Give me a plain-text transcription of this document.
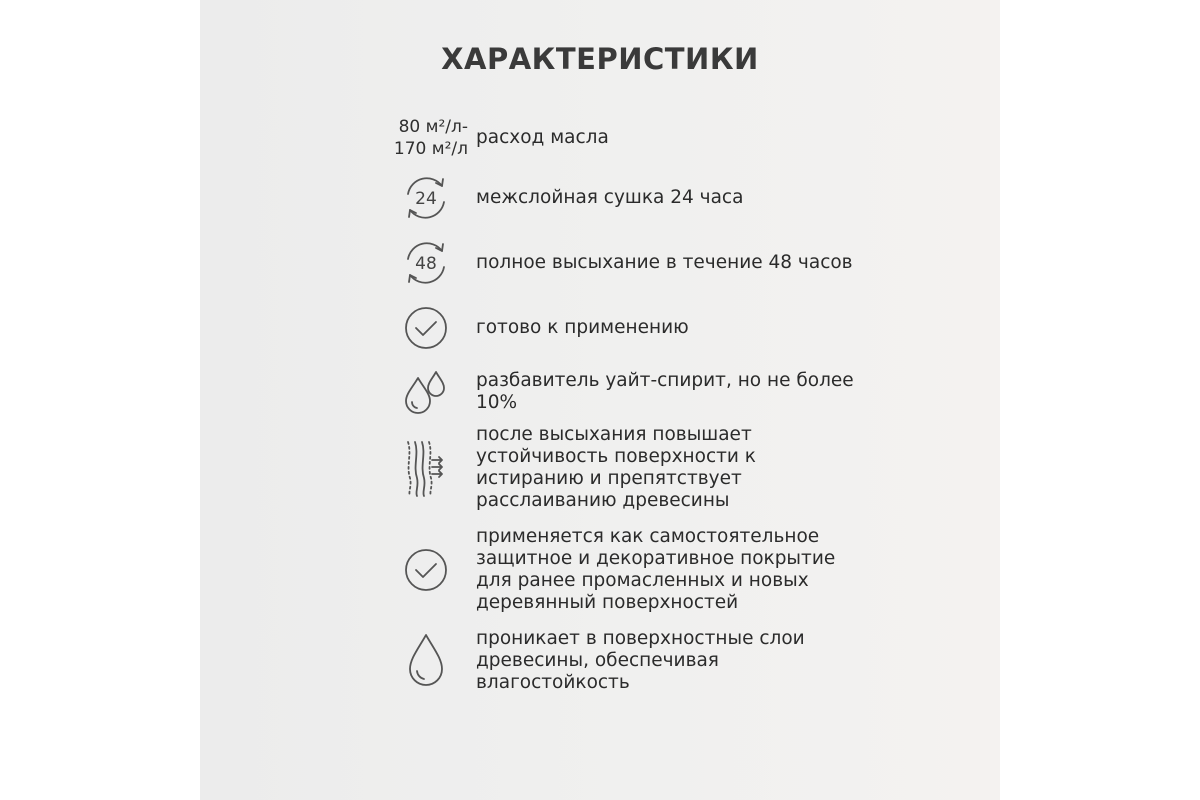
ХАРАКТЕРИСТИКИ
80 м²/л-
170 м²/л
расход масла
24 межслойная сушка 24 часа
48 полное высыхание в течение 48 часов
готово к применению
разбавитель уайт-спирит, но не более
10%
после высыхания повышает
устойчивость поверхности к
истиранию и препятствует
расслаиванию древесины
применяется как самостоятельное
защитное и декоративное покрытие
для ранее промасленных и новых
деревянный поверхностей
проникает в поверхностные слои
древесины, обеспечивая
влагостойкость
